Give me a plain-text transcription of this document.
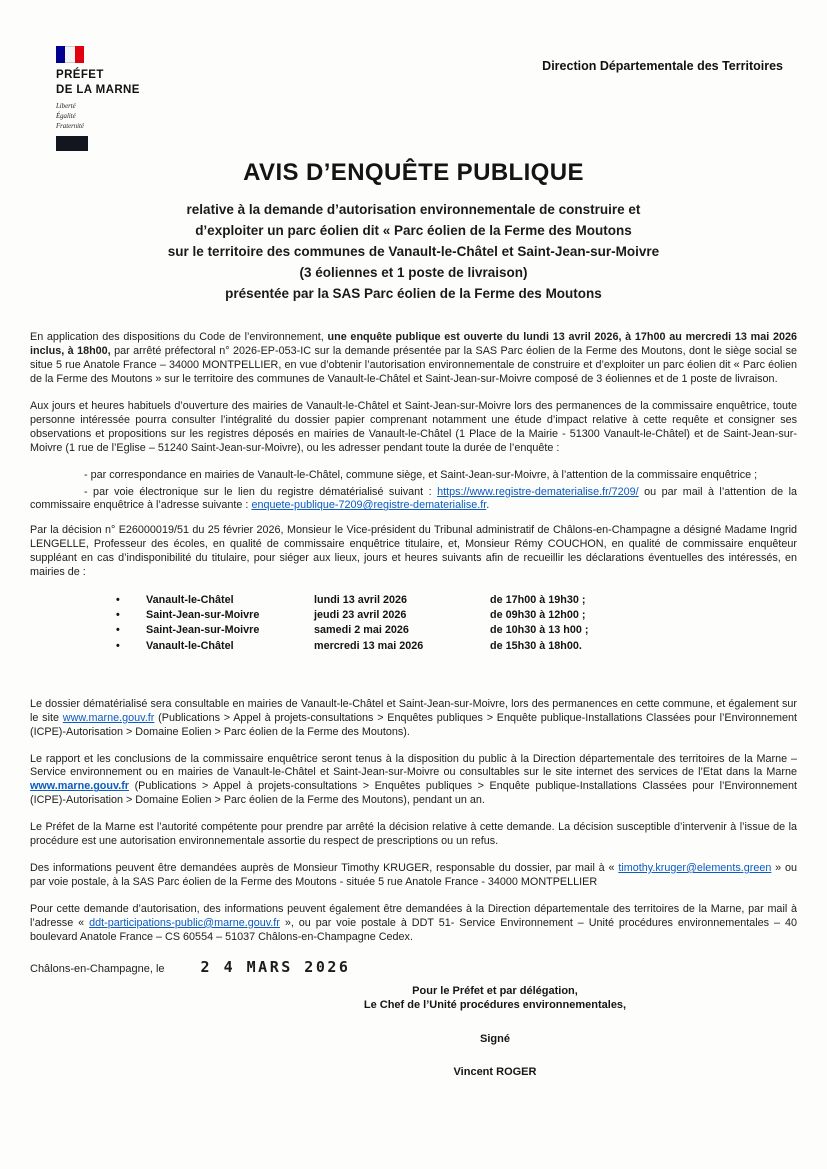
PRÉFET
DE LA MARNE
Liberté
Égalité
Fraternité
Direction Départementale des Territoires
AVIS D’ENQUÊTE PUBLIQUE
relative à la demande d’autorisation environnementale de construire et
d’exploiter un parc éolien dit « Parc éolien de la Ferme des Moutons
sur le territoire des communes de Vanault-le-Châtel et Saint-Jean-sur-Moivre
(3 éoliennes et 1 poste de livraison)
présentée par la SAS Parc éolien de la Ferme des Moutons

En application des dispositions du Code de l’environnement, une enquête publique est ouverte du lundi 13 avril 2026, à 17h00 au mercredi 13 mai 2026 inclus, à 18h00, par arrêté préfectoral n° 2026-EP-053-IC sur la demande présentée par la SAS Parc éolien de la Ferme des Moutons, dont le siège social se situe 5 rue Anatole France – 34000 MONTPELLIER, en vue d’obtenir l’autorisation environnementale de construire et d’exploiter un parc éolien dit « Parc éolien de la Ferme des Moutons » sur le territoire des communes de Vanault-le-Châtel et Saint-Jean-sur-Moivre composé de 3 éoliennes et de 1 poste de livraison.

Aux jours et heures habituels d’ouverture des mairies de Vanault-le-Châtel et Saint-Jean-sur-Moivre lors des permanences de la commissaire enquêtrice, toute personne intéressée pourra consulter l’intégralité du dossier papier comprenant notamment une étude d’impact relative à cette requête et consigner ses observations et propositions sur les registres déposés en mairies de Vanault-le-Châtel (1 Place de la Mairie - 51300 Vanault-le-Châtel) et de Saint-Jean-sur-Moivre (1 rue de l’Eglise – 51240 Saint-Jean-sur-Moivre), ou les adresser pendant toute la durée de l’enquête :

- par correspondance en mairies de Vanault-le-Châtel, commune siège, et Saint-Jean-sur-Moivre, à l’attention de la commissaire enquêtrice ;

- par voie électronique sur le lien du registre dématérialisé suivant : https://www.registre-dematerialise.fr/7209/ ou par mail à l’attention de la commissaire enquêtrice à l’adresse suivante : enquete-publique-7209@registre-dematerialise.fr.

Par la décision n° E26000019/51 du 25 février 2026, Monsieur le Vice-président du Tribunal administratif de Châlons-en-Champagne a désigné Madame Ingrid LENGELLE, Professeur des écoles, en qualité de commissaire enquêtrice titulaire, et, Monsieur Rémy COUCHON, en qualité de commissaire enquêteur suppléant en cas d’indisponibilité du titulaire, pour siéger aux lieux, jours et heures suivants afin de recueillir les déclarations éventuelles des intéressés, en mairies de :

•	Vanault-le-Châtel	lundi 13 avril 2026	de 17h00 à 19h30 ;
•	Saint-Jean-sur-Moivre	jeudi 23 avril 2026	de 09h30 à 12h00 ;
•	Saint-Jean-sur-Moivre	samedi 2 mai 2026	de 10h30 à 13 h00 ;
•	Vanault-le-Châtel	mercredi 13 mai 2026	de 15h30 à 18h00.

Le dossier dématérialisé sera consultable en mairies de Vanault-le-Châtel et Saint-Jean-sur-Moivre, lors des permanences en cette commune, et également sur le site www.marne.gouv.fr (Publications > Appel à projets-consultations > Enquêtes publiques > Enquête publique-Installations Classées pour l’Environnement (ICPE)-Autorisation > Domaine Eolien > Parc éolien de la Ferme des Moutons).

Le rapport et les conclusions de la commissaire enquêtrice seront tenus à la disposition du public à la Direction départementale des territoires de la Marne – Service environnement ou en mairies de Vanault-le-Châtel et Saint-Jean-sur-Moivre ou consultables sur le site internet des services de l’Etat dans la Marne www.marne.gouv.fr (Publications > Appel à projets-consultations > Enquêtes publiques > Enquête publique-Installations Classées pour l’Environnement (ICPE)-Autorisation > Domaine Eolien > Parc éolien de la Ferme des Moutons), pendant un an.

Le Préfet de la Marne est l’autorité compétente pour prendre par arrêté la décision relative à cette demande. La décision susceptible d’intervenir à l’issue de la procédure est une autorisation environnementale assortie du respect de prescriptions ou un refus.

Des informations peuvent être demandées auprès de Monsieur Timothy KRUGER, responsable du dossier, par mail à « timothy.kruger@elements.green » ou par voie postale, à la SAS Parc éolien de la Ferme des Moutons - située 5 rue Anatole France - 34000 MONTPELLIER

Pour cette demande d’autorisation, des informations peuvent également être demandées à la Direction départementale des territoires de la Marne, par mail à l’adresse « ddt-participations-public@marne.gouv.fr », ou par voie postale à DDT 51- Service Environnement – Unité procédures environnementales – 40 boulevard Anatole France – CS 60554 – 51037 Châlons-en-Champagne Cedex.

Châlons-en-Champagne, le 2 4 MARS 2026
Pour le Préfet et par délégation,
Le Chef de l’Unité procédures environnementales,
Signé
Vincent ROGER
